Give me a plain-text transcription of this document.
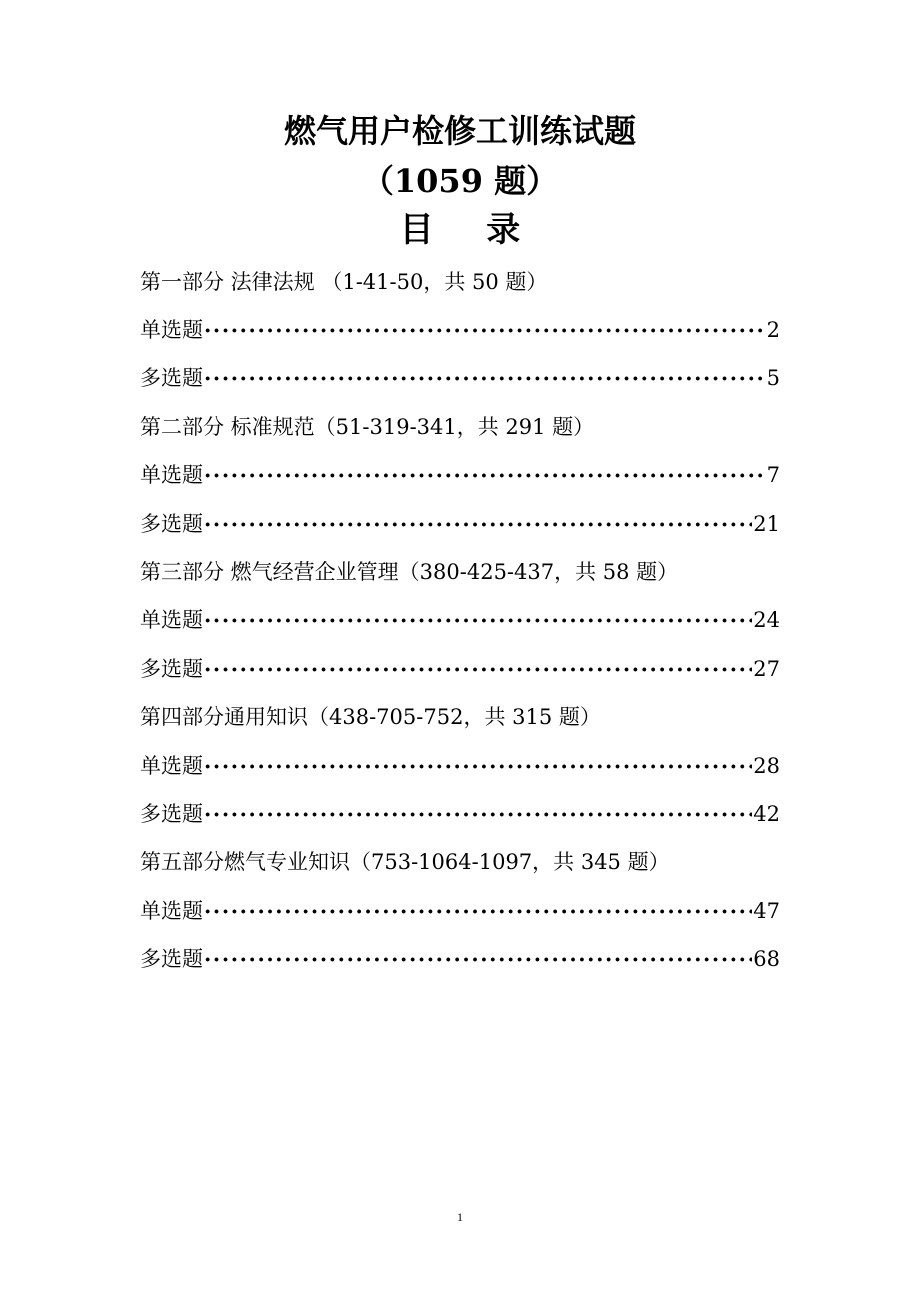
燃气用户检修工训练试题
（1059 题）
目 录
第一部分 法律法规 （1-41-50，共 50 题）
单选题 ·····	2
多选题 ·····	5
第二部分 标准规范（51-319-341，共 291 题）
单选题 ·····	7
多选题 ·····	21
第三部分 燃气经营企业管理（380-425-437，共 58 题）
单选题 ·····	24
多选题 ·····	27
第四部分通用知识（438-705-752，共 315 题）
单选题 ·····	28
多选题 ·····	42
第五部分燃气专业知识（753-1064-1097，共 345 题）
单选题 ·····	47
多选题 ·····	68
1
